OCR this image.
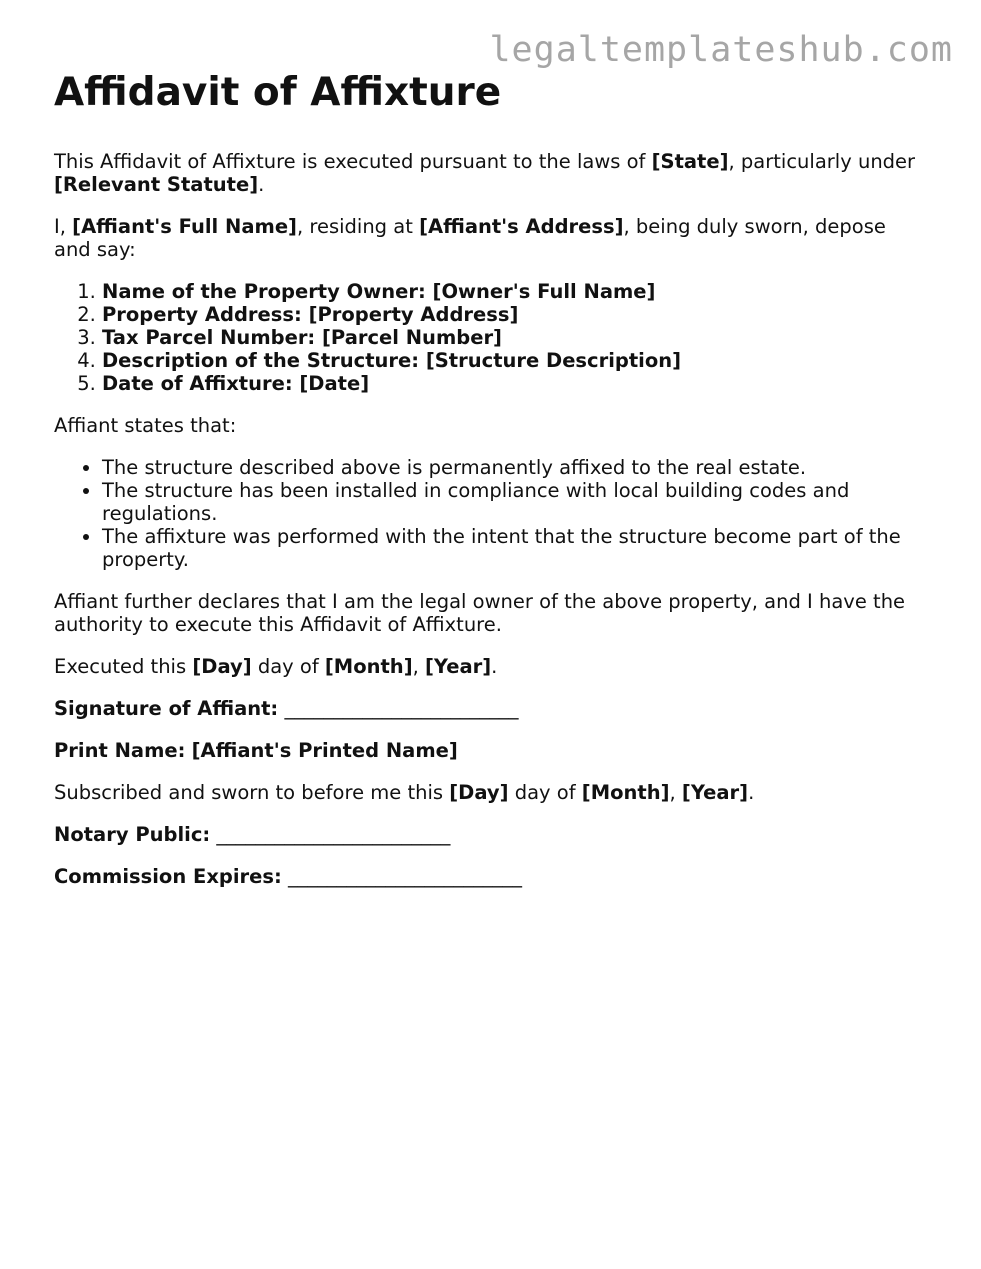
legaltemplateshub.com
Affidavit of Affixture

This Affidavit of Affixture is executed pursuant to the laws of [State], particularly under [Relevant Statute].

I, [Affiant's Full Name], residing at [Affiant's Address], being duly sworn, depose and say:

1. Name of the Property Owner: [Owner's Full Name]
2. Property Address: [Property Address]
3. Tax Parcel Number: [Parcel Number]
4. Description of the Structure: [Structure Description]
5. Date of Affixture: [Date]

Affiant states that:

• The structure described above is permanently affixed to the real estate.
• The structure has been installed in compliance with local building codes and regulations.
• The affixture was performed with the intent that the structure become part of the property.

Affiant further declares that I am the legal owner of the above property, and I have the authority to execute this Affidavit of Affixture.

Executed this [Day] day of [Month], [Year].

Signature of Affiant: ________________________

Print Name: [Affiant's Printed Name]

Subscribed and sworn to before me this [Day] day of [Month], [Year].

Notary Public: ________________________

Commission Expires: ________________________
